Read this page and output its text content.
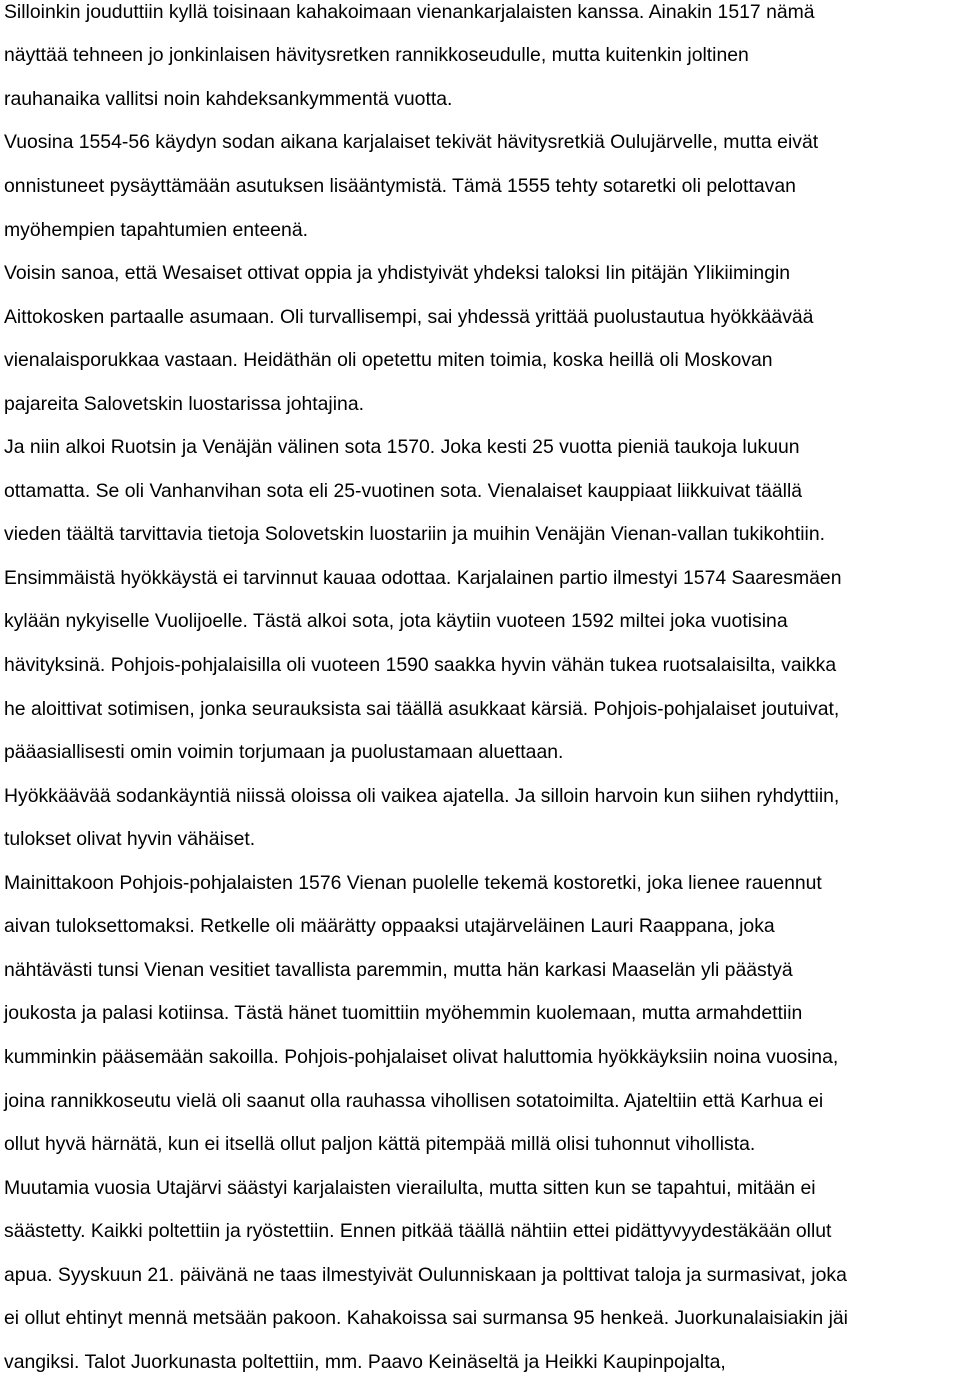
Silloinkin jouduttiin kyllä toisinaan kahakoimaan vienankarjalaisten kanssa. Ainakin 1517 nämä
näyttää tehneen jo jonkinlaisen hävitysretken rannikkoseudulle, mutta kuitenkin joltinen
rauhanaika vallitsi noin kahdeksankymmentä vuotta.
Vuosina 1554-56 käydyn sodan aikana karjalaiset tekivät hävitysretkiä Oulujärvelle, mutta eivät
onnistuneet pysäyttämään asutuksen lisääntymistä. Tämä 1555 tehty sotaretki oli pelottavan
myöhempien tapahtumien enteenä.
Voisin sanoa, että Wesaiset ottivat oppia ja yhdistyivät yhdeksi taloksi Iin pitäjän Ylikiimingin
Aittokosken partaalle asumaan. Oli turvallisempi, sai yhdessä yrittää puolustautua hyökkäävää
vienalaisporukkaa vastaan. Heidäthän oli opetettu miten toimia, koska heillä oli Moskovan
pajareita Salovetskin luostarissa johtajina.
Ja niin alkoi Ruotsin ja Venäjän välinen sota 1570. Joka kesti 25 vuotta pieniä taukoja lukuun
ottamatta. Se oli Vanhanvihan sota eli 25-vuotinen sota. Vienalaiset kauppiaat liikkuivat täällä
vieden täältä tarvittavia tietoja Solovetskin luostariin ja muihin Venäjän Vienan-vallan tukikohtiin.
Ensimmäistä hyökkäystä ei tarvinnut kauaa odottaa. Karjalainen partio ilmestyi 1574 Saaresmäen
kylään nykyiselle Vuolijoelle. Tästä alkoi sota, jota käytiin vuoteen 1592 miltei joka vuotisina
hävityksinä. Pohjois-pohjalaisilla oli vuoteen 1590 saakka hyvin vähän tukea ruotsalaisilta, vaikka
he aloittivat sotimisen, jonka seurauksista sai täällä asukkaat kärsiä. Pohjois-pohjalaiset joutuivat,
pääasiallisesti omin voimin torjumaan ja puolustamaan aluettaan.
Hyökkäävää sodankäyntiä niissä oloissa oli vaikea ajatella. Ja silloin harvoin kun siihen ryhdyttiin,
tulokset olivat hyvin vähäiset.
Mainittakoon Pohjois-pohjalaisten 1576 Vienan puolelle tekemä kostoretki, joka lienee rauennut
aivan tuloksettomaksi. Retkelle oli määrätty oppaaksi utajärveläinen Lauri Raappana, joka
nähtävästi tunsi Vienan vesitiet tavallista paremmin, mutta hän karkasi Maaselän yli päästyä
joukosta ja palasi kotiinsa. Tästä hänet tuomittiin myöhemmin kuolemaan, mutta armahdettiin
kumminkin pääsemään sakoilla. Pohjois-pohjalaiset olivat haluttomia hyökkäyksiin noina vuosina,
joina rannikkoseutu vielä oli saanut olla rauhassa vihollisen sotatoimilta. Ajateltiin että Karhua ei
ollut hyvä härnätä, kun ei itsellä ollut paljon kättä pitempää millä olisi tuhonnut vihollista.
Muutamia vuosia Utajärvi säästyi karjalaisten vierailulta, mutta sitten kun se tapahtui, mitään ei
säästetty. Kaikki poltettiin ja ryöstettiin. Ennen pitkää täällä nähtiin ettei pidättyvyydestäkään ollut
apua. Syyskuun 21. päivänä ne taas ilmestyivät Oulunniskaan ja polttivat taloja ja surmasivat, joka
ei ollut ehtinyt mennä metsään pakoon. Kahakoissa sai surmansa 95 henkeä. Juorkunalaisiakin jäi
vangiksi. Talot Juorkunasta poltettiin, mm. Paavo Keinäseltä ja Heikki Kaupinpojalta,
